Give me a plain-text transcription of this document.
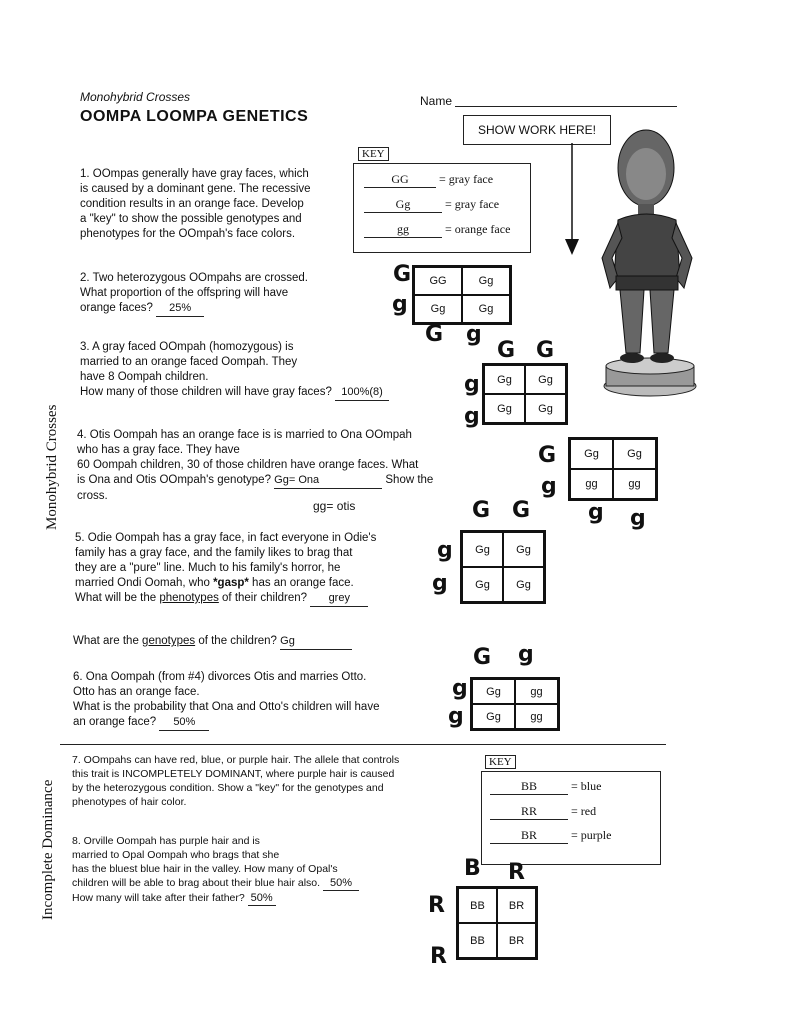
Monohybrid Crosses
OOMPA LOOMPA GENETICS
Name
SHOW WORK HERE!
Monohybrid Crosses
Incomplete Dominance
1. OOmpas generally have gray faces, which
is caused by a dominant gene. The recessive
condition results in an orange face. Develop
a "key" to show the possible genotypes and
phenotypes for the OOmpah's face colors.
KEY
GG	= gray face
Gg	= gray face
gg	= orange face
2. Two heterozygous OOmpahs are crossed.
What proportion of the offspring will have
orange faces? 25%
G
g
G g
GG	Gg
Gg	Gg
3. A gray faced OOmpah (homozygous) is
married to an orange faced Oompah. They
have 8 Oompah children.
How many of those children will have gray faces? 100%(8)
G G
g
g
Gg	Gg
Gg	Gg
4. Otis Oompah has an orange face is is married to Ona OOmpah
who has a gray face. They have
60 Oompah children, 30 of those children have orange faces. What
is Ona and Otis OOmpah's genotype? Gg= Ona	Show the
cross.
gg= otis
G
g
g g
Gg	Gg
gg	gg
G G
5. Odie Oompah has a gray face, in fact everyone in Odie's
family has a gray face, and the family likes to brag that
they are a "pure" line. Much to his family's horror, he
married Ondi Oomah, who *gasp* has an orange face.
What will be the phenotypes of their children? grey
g
g
Gg	Gg
Gg	Gg
What are the genotypes of the children? Gg
G g
6. Ona Oompah (from #4) divorces Otis and marries Otto.
Otto has an orange face.
What is the probability that Ona and Otto's children will have
an orange face? 50%
g
g
Gg	gg
Gg	gg
7. OOmpahs can have red, blue, or purple hair. The allele that controls
this trait is INCOMPLETELY DOMINANT, where purple hair is caused
by the heterozygous condition. Show a "key" for the genotypes and
phenotypes of hair color.
KEY
BB	= blue
RR	= red
BR	= purple
8. Orville Oompah has purple hair and is
married to Opal Oompah who brags that she
has the bluest blue hair in the valley. How many of Opal's
children will be able to brag about their blue hair also. 50%
How many will take after their father? 50%
B R
R
R
BB	BR
BB	BR
